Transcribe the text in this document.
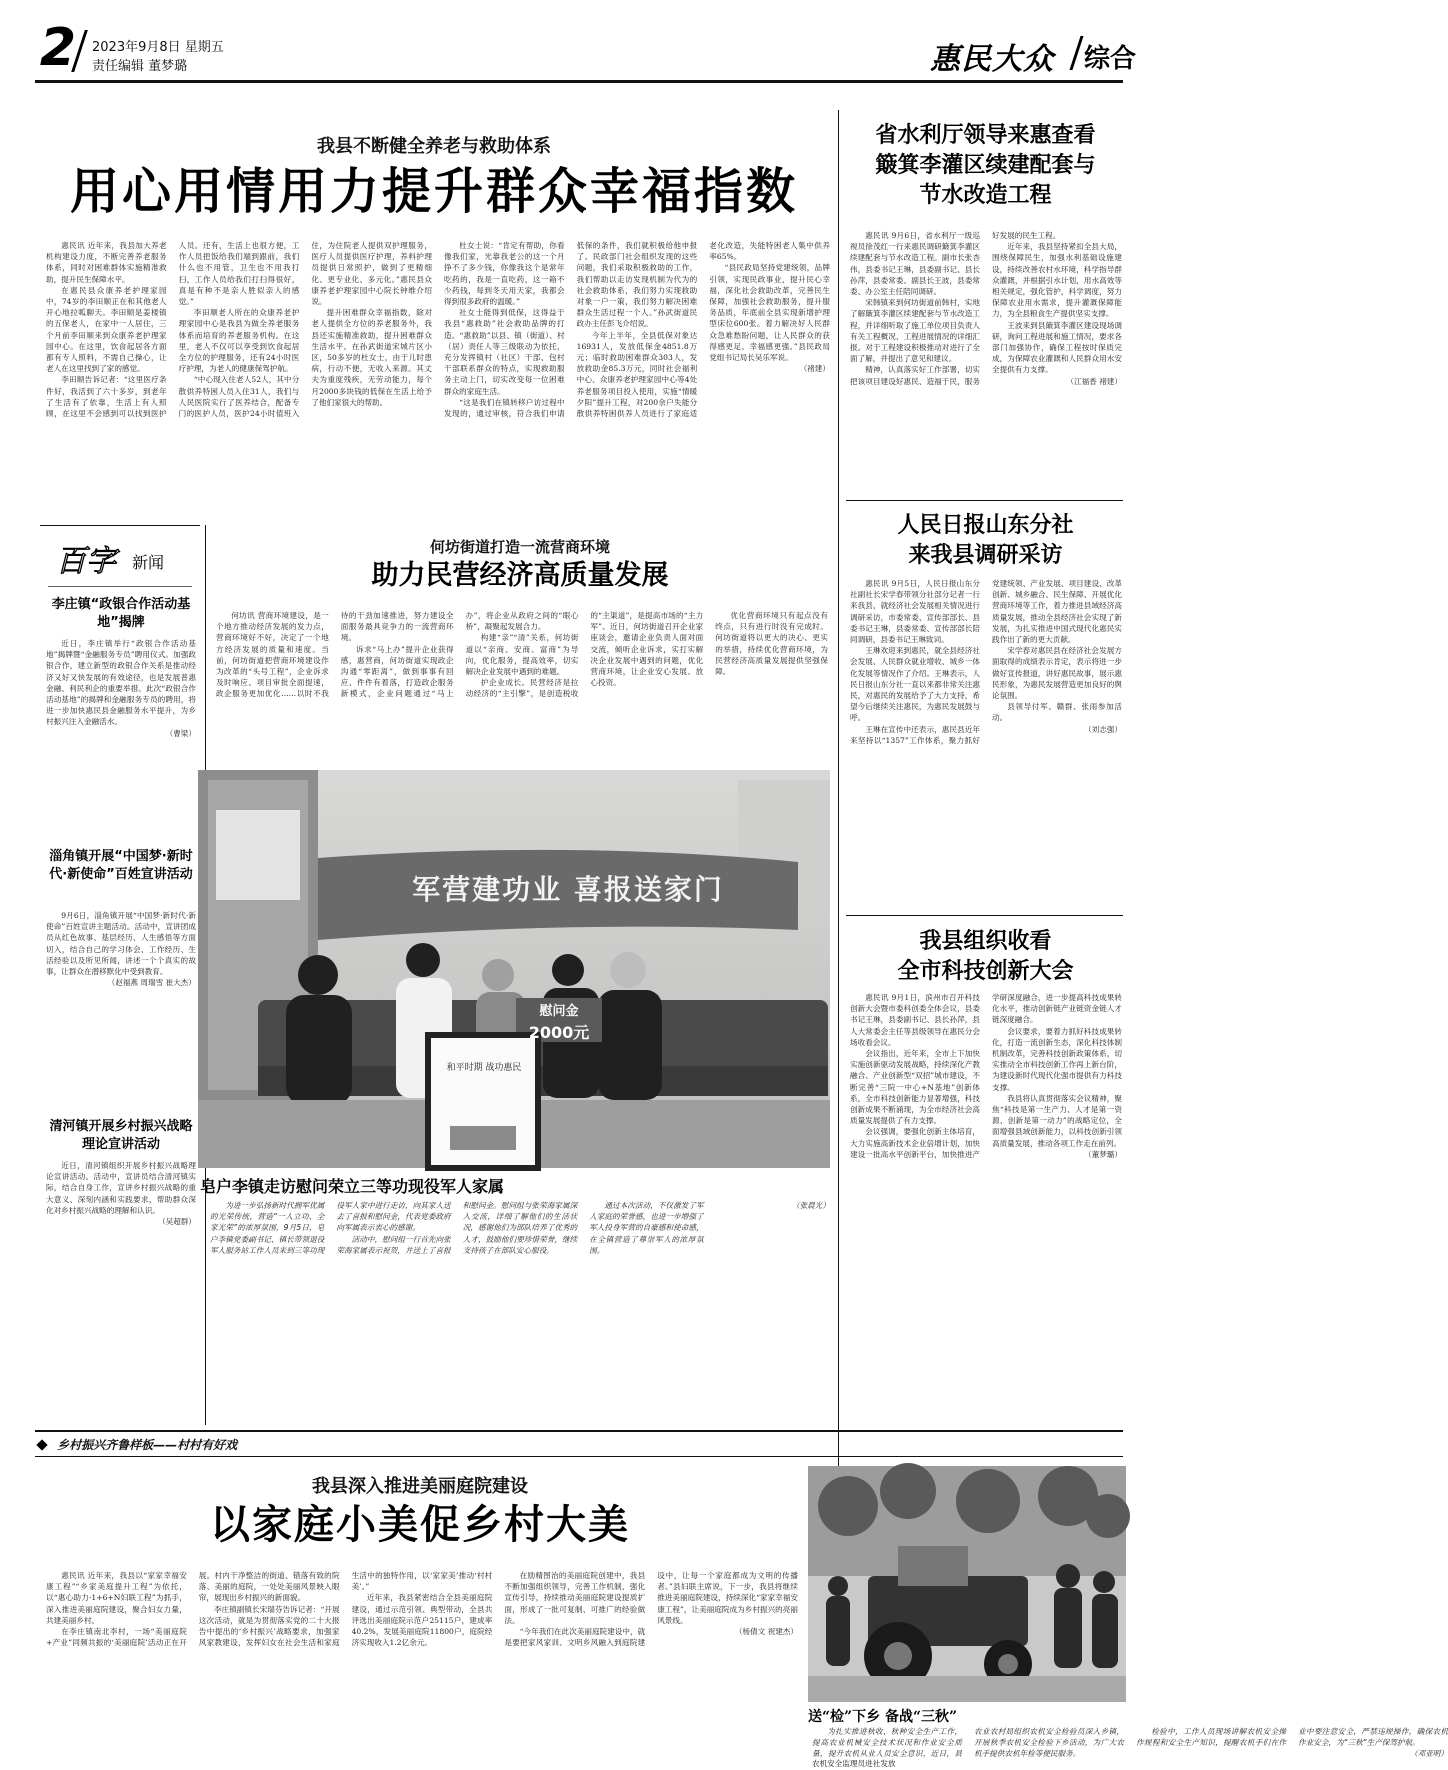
2 2023年9月8日 星期五
责任编辑 董梦璐	惠民大众 综合
我县不断健全养老与救助体系
用心用情用力提升群众幸福指数

惠民讯 近年来，我县加大养老机构建设力度，不断完善养老服务体系，同时对困难群体实施精准救助，提升民生保障水平。

在惠民县众康养老护理家园中，74岁的李田顺正在和其他老人开心地拉呱聊天。李田顺是姜楼镇的五保老人，在家中一人居住，三个月前李田顺来到众康养老护理家园中心。在这里，饮食起居各方面都有专人照料，不需自己操心，让老人在这里找到了家的感觉。

李田顺告诉记者：“这里医疗条件好，我活到了六十多岁，到老年了生活有了依靠，生活上有人照顾，在这里不会感到可以找到医护人员。还有，生活上也很方便，工作人员把饭给我们端到跟前，我们什么也不用管，卫生也不用我打扫，工作人员给我们打扫得很好，真是有种不是亲人胜似亲人的感觉。”

李田顺老人所在的众康养老护理家园中心是我县为做全养老服务体系而培育的养老服务机构。在这里，老人不仅可以享受到饮食起居全方位的护理服务，还有24小时医疗护理，为老人的健康保驾护航。

“中心现入住老人52人，其中分散供养特困人员入住31人，我们与人民医院实行了医养结合，配备专门的医护人员，医护24小时值班入住，为住院老人提供双护理服务，医疗人员提供医疗护理，养料护理员提供日常照护，做到了更精细化、更专业化、多元化。”惠民县众康养老护理家园中心院长钟维介绍说。

提升困难群众幸福指数，除对老人提供全方位的养老服务外，我县还实施精准救助，提升困难群众生活水平。在孙武街道宋城片区小区，50多岁的杜女士，由于儿时患病，行动不便，无收入来源。其丈夫为重度残疾，无劳动能力，每个月2000多块钱的低保在生活上给予了他们家很大的帮助。

杜女士说：“肯定有帮助，你看像我们家，光靠我老公的这一个月挣不了多少钱，你像我这个是常年吃药的，我是一直吃药，这一箱不少药钱，每到冬天用天家，我都会得到很多政府的温暖。”

社女士能得到低保，这得益于我县“惠救助”社会救助品牌的打造。“惠救助”以县、镇（街道）、村（居）责任人等三级联动为依托，充分发挥镇村（社区）干部、包村干部联系群众的特点，实现救助服务主动上门，切实改变每一位困难群众的家庭生活。

“这是我们在镇转移户访过程中发现的，通过审核，符合我们申请低保的条件，我们就积极给他申报了。民政部门社会组织发现的这些问题，我们采取积极救助的工作，我们帮助以走访发现机制为代为的社会救助体系，我们努力实现救助对象一户一策，我们努力解决困难群众生活过程一个人。”孙武街道民政办主任彭飞介绍说。

今年上半年，全县低保对象达16931人，发放低保金4851.8万元；临时救助困难群众303人，发放救助金85.3万元，同时社会福利中心、众康养老护理家园中心等4处养老服务项目投入使用，实施“情暖夕阳”提升工程，对200余户失能分散供养特困供养人员进行了家庭适老化改造，失能特困老人集中供养率65%。

“县民政局坚持党建统领，品牌引领，实现民政事业，提升民心幸福，深化社会救助改革，完善民生保障，加强社会救助服务，提升服务品质，年底前全县实现新增护理型床位600张。着力解决好人民群众急难愁盼问题，让人民群众的获得感更足、幸福感更强。”县民政局党组书记局长吴乐军说。

（褚建）
省水利厅领导来惠查看
簸箕李灌区续建配套与
节水改造工程

惠民讯 9月6日，省水利厅一级巡视员徐茂红一行来惠民调研簸箕李灌区续建配套与节水改造工程。副市长张杏伟，县委书记王琳，县委副书记、县长孙萍，县委常委、副县长王波，县委常委、办公室主任陪同调研。

宋韩镇来到何坊街道前韩村，实地了解簸箕李灌区续建配套与节水改造工程，并详细听取了施工单位项目负责人有关工程概况、工程进展情况的详细汇报。对于工程建设积极推动对进行了全面了解，并提出了意见和建议。

精神，认真落实好工作部署，切实把该项目建设好惠民、造福于民，服务好发展的民生工程。

近年来，我县坚持紧扣全县大局，围绕保障民生，加强水利基础设施建设，持续改善农村水环境，科学指导群众灌溉，并根据引水计划，用水高效等相关规定，强化管护，科学调度，努力保障农业用水需求，提升灌溉保障能力，为全县粮食生产提供坚实支撑。

王波来到县簸箕李灌区建设现场调研，询问工程进展和施工情况，要求各部门加强协作，确保工程按时保质完成，为保障农业灌溉和人民群众用水安全提供有力支撑。

（江福香 褚建）
人民日报山东分社
来我县调研采访

惠民讯 9月5日，人民日报山东分社副社长宋学春带领分社部分记者一行来我县，就经济社会发展相关情况进行调研采访，市委常委、宣传部部长、县委书记王琳，县委常委、宣传部部长陪同调研，县委书记王琳致词。

王琳欢迎来到惠民，就全县经济社会发展、人民群众就业增收、城乡一体化发展等情况作了介绍。王琳表示，人民日报山东分社一直以来都非常关注惠民，对惠民的发展给予了大力支持，希望今后继续关注惠民，为惠民发展鼓与呼。

王琳在宣传中还表示，惠民县近年来坚持以“1357”工作体系，聚力抓好党建统领、产业发展、项目建设、改革创新、城乡融合、民生保障、开展优化营商环境等工作，着力推进县域经济高质量发展，推动全县经济社会实现了新发展，为扎实推进中国式现代化惠民实践作出了新的更大贡献。

宋学春对惠民县在经济社会发展方面取得的成绩表示肯定，表示将进一步做好宣传报道，讲好惠民故事，展示惠民形象，为惠民发展营造更加良好的舆论氛围。

县领导付军、赣群、张雨参加活动。

（刘志强）
我县组织收看
全市科技创新大会

惠民讯 9月1日，滨州市召开科技创新大会暨市委科创委全体会议，县委书记王琳，县委副书记、县长孙萍，县人大常委会主任等县级领导在惠民分会场收看会议。

会议指出，近年来，全市上下加快实施创新驱动发展战略，持续深化产教融合、产业创新型“双招”城市建设，不断完善“三院一中心+N基地”创新体系，全市科技创新能力显著增强，科技创新成果不断涌现，为全市经济社会高质量发展提供了有力支撑。

会议强调，要强化创新主体培育，大力实施高新技术企业倍增计划，加快建设一批高水平创新平台，加快推进产学研深度融合，进一步提高科技成果转化水平，推动创新链产业链资金链人才链深度融合。

会议要求，要着力抓好科技成果转化，打造一流创新生态，深化科技体制机制改革，完善科技创新政策体系，切实推动全市科技创新工作再上新台阶，为建设新时代现代化强市提供有力科技支撑。

我县将认真贯彻落实会议精神，聚焦“科技是第一生产力、人才是第一资源、创新是第一动力”的战略定位，全面增强县域创新能力，以科技创新引领高质量发展，推动各项工作走在前列。

（董梦璐）
百字 新闻
李庄镇“政银合作活动基地”揭牌

近日，李庄镇举行“政银合作活动基地”揭牌暨“金融服务专员”聘用仪式。加强政银合作，建立新型的政银合作关系是推动经济又好又快发展的有效途径，也是发展普惠金融、利民利企的重要举措。此次“政银合作活动基地”的揭牌和金融服务专员的聘用，将进一步加快惠民县金融服务水平提升，为乡村振兴注入金融活水。

（曹梁）
淄角镇开展“中国梦·新时代·新使命”百姓宣讲活动

9月6日，淄角镇开展“中国梦·新时代·新使命”百姓宣讲主题活动。活动中，宣讲团成员从红色故事、基层经历、人生感悟等方面切入，结合自己的学习体会、工作经历、生活经验以及所见所闻，讲述一个个真实的故事，让群众在潜移默化中受到教育。

（赵福燕 周瑞雪 崔大杰）
清河镇开展乡村振兴战略理论宣讲活动

近日，清河镇组织开展乡村振兴战略理论宣讲活动。活动中，宣讲员结合清河镇实际，结合自身工作，宣讲乡村振兴战略的重大意义、深刻内涵和实践要求，帮助群众深化对乡村振兴战略的理解和认识。

（吴超群）
何坊街道打造一流营商环境
助力民营经济高质量发展

何坊讯 营商环境建设，是一个地方推动经济发展的发力点，营商环境好不好，决定了一个地方经济发展的质量和速度。当前，何坊街道把营商环境建设作为改革的“头号工程”，企业诉求及时响应、项目审批全面提速，政企服务更加优化……以时不我待的干劲加速推进，努力建设全面服务最具竞争力的一流营商环境。

诉求“马上办”提升企业获得感，惠营商，何坊街道实现政企沟通“零距离”，做到事事有回应、件件有着落，打造政企服务新模式，企业问题通过“马上办”，将企业从政府之间的“眼心桥”，凝聚起发展合力。

构建“亲”“清”关系，何坊街道以“亲商、安商、富商”为导向，优化服务，提高效率，切实解决企业发展中遇到的难题。

护企业成长。民营经济是拉动经济的“主引擎”，是创造税收的“主渠道”，是提高市场的“主力军”。近日，何坊街道召开企业家座谈会，邀请企业负责人面对面交流，倾听企业诉求，实打实解决企业发展中遇到的问题，优化营商环境，让企业安心发展、放心投资。

优化营商环境只有起点没有终点，只有进行时没有完成时。何坊街道将以更大的决心、更实的举措，持续优化营商环境，为民营经济高质量发展提供坚强保障。

军营建功业 喜报送家门
慰问金
2000元
和平时期 战功惠民
皂户李镇走访慰问荣立三等功现役军人家属

为进一步弘扬新时代拥军优属的光荣传统，营造“一人立功、全家光荣”的浓厚氛围，9月5日，皂户李镇党委副书记、镇长带领退役军人服务站工作人员来到三等功现役军人家中进行走访，向其家人送去了喜报和慰问金，代表党委政府向军属表示衷心的感谢。

活动中，慰问组一行首先向张荣海家属表示祝贺，并送上了喜报和慰问金。慰问组与张荣海家属深入交流，详细了解他们的生活状况，感谢他们为部队培养了优秀的人才，鼓励他们要珍惜荣誉，继续支持孩子在部队安心服役。

通过本次活动，不仅激发了军人家庭的荣誉感，也进一步增强了军人投身军营的自豪感和使命感，在全镇营造了尊崇军人的浓厚氛围。

（张晨光）
乡村振兴齐鲁样板——村村有好戏
我县深入推进美丽庭院建设
以家庭小美促乡村大美

惠民讯 近年来，我县以“家家幸福安康工程”“乡家美庭提升工程”为依托，以“惠心助力·1+6+N妇联工程”为抓手，深入推进美丽庭院建设，聚合妇女力量，共建美丽乡村。

在李庄镇南北李村，一场“美丽庭院+产业”同频共振的‘美丽庭院’活动正在开展。村内干净整洁的街道、错落有致的院落、美丽的庭院，一处处美丽风景映入眼帘，展现出乡村振兴的新面貌。

李庄镇副镇长宋瑞芬告诉记者：“开展这次活动，就是为贯彻落实党的二十大报告中提出的‘乡村振兴’战略要求，加强家风家教建设，发挥妇女在社会生活和家庭生活中的独特作用，以‘家家美’推动‘村村美’。”

近年来，我县紧密结合全县美丽庭院建设，通过示范引领、典型带动，全县共评选出美丽庭院示范户25115户，建成率40.2%，发展美丽庭院11800户，庭院经济实现收入1.2亿余元。

在励精图治的美丽庭院创建中，我县不断加强组织领导，完善工作机制，强化宣传引导，持续推动美丽庭院建设提质扩面，形成了一批可复制、可推广的经验做法。

“今年我们在此次美丽庭院建设中，就是要把家风家训、文明乡风融入到庭院建设中，让每一个家庭都成为文明的传播者。”县妇联主席说，下一步，我县将继续推进美丽庭院建设，持续深化“家家幸福安康工程”，让美丽庭院成为乡村振兴的亮丽风景线。

（杨倩文 祝建杰）
送“检”下乡 备战“三秋”

为扎实推进秋收、秋种安全生产工作，提高农业机械安全技术状况和作业安全质量，提升农机从业人员安全意识，近日，县农业农村局组织农机安全检验员深入乡镇，开展秋季农机安全检验下乡活动，为广大农机手提供农机年检等便民服务。

检验中，工作人员现场讲解农机安全操作规程和安全生产知识，提醒农机手们在作业中要注意安全，严禁违规操作，确保农机作业安全，为“三秋”生产保驾护航。

（邓亚明）
农机安全监理员进社发放
